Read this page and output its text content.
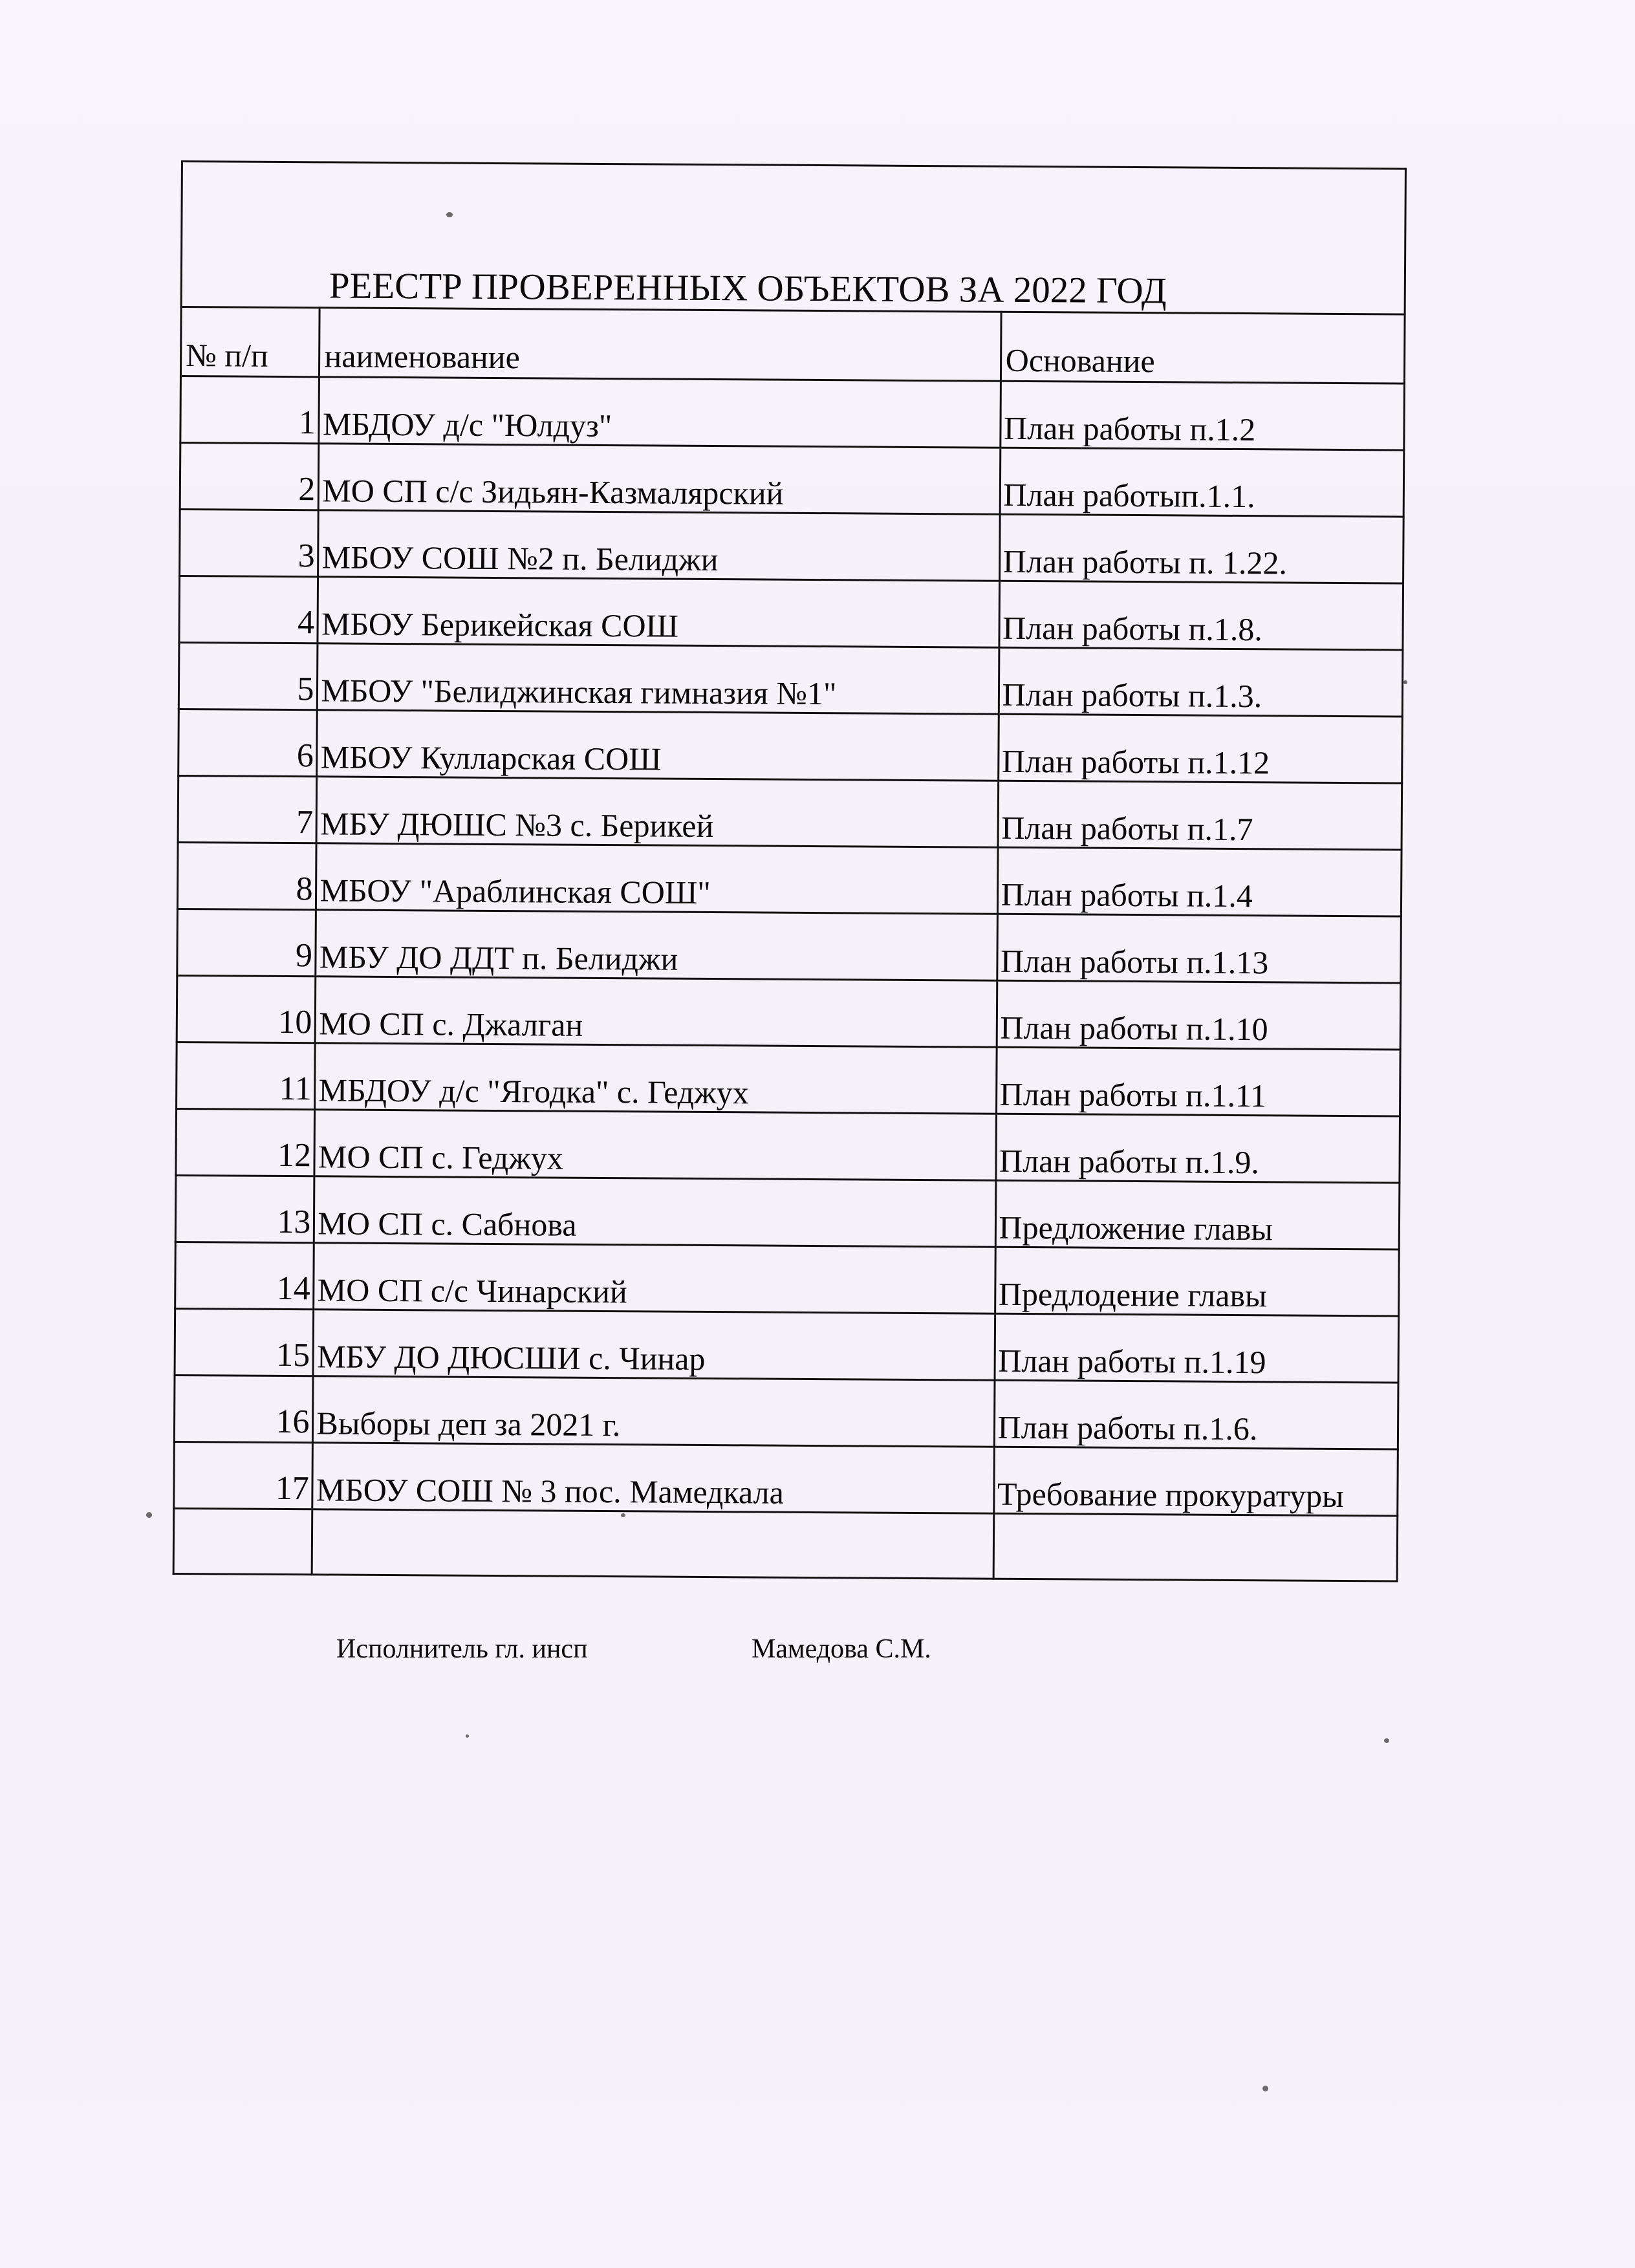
РЕЕСТР ПРОВЕРЕННЫХ ОБЪЕКТОВ ЗА 2022 ГОД		
№ п/п	наименование	Основание
1	МБДОУ д/с "Юлдуз"	План работы п.1.2
2	МО СП с/с Зидьян-Казмалярский	План работып.1.1.
3	МБОУ СОШ №2 п. Белиджи	План работы п. 1.22.
4	МБОУ Берикейская СОШ	План работы п.1.8.
5	МБОУ "Белиджинская гимназия №1"	План работы п.1.3.
6	МБОУ Кулларская СОШ	План работы п.1.12
7	МБУ ДЮШС №3 с. Берикей	План работы п.1.7
8	МБОУ "Араблинская СОШ"	План работы п.1.4
9	МБУ ДО ДДТ п. Белиджи	План работы п.1.13
10	МО СП с. Джалган	План работы п.1.10
11	МБДОУ д/с "Ягодка" с. Геджух	План работы п.1.11
12	МО СП с. Геджух	План работы п.1.9.
13	МО СП с. Сабнова	Предложение главы
14	МО СП с/с Чинарский	Предлодение главы
15	МБУ ДО ДЮСШИ с. Чинар	План работы п.1.19
16	Выборы деп за 2021 г.	План работы п.1.6.
17	МБОУ СОШ № 3 пос. Мамедкала	Требование прокуратуры

Исполнитель гл. инсп	Мамедова С.М.
